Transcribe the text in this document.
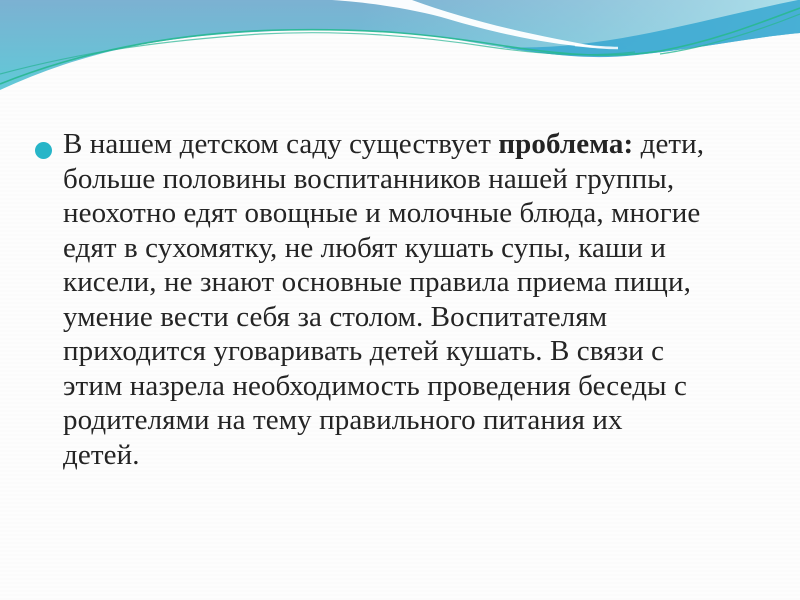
В нашем детском саду существует проблема: дети,
больше половины воспитанников нашей группы,
неохотно едят овощные и молочные блюда, многие
едят в сухомятку, не любят кушать супы, каши и
кисели, не знают основные правила приема пищи,
умение вести себя за столом. Воспитателям
приходится уговаривать детей кушать. В связи с
этим назрела необходимость проведения беседы с
родителями на тему правильного питания их
детей.
